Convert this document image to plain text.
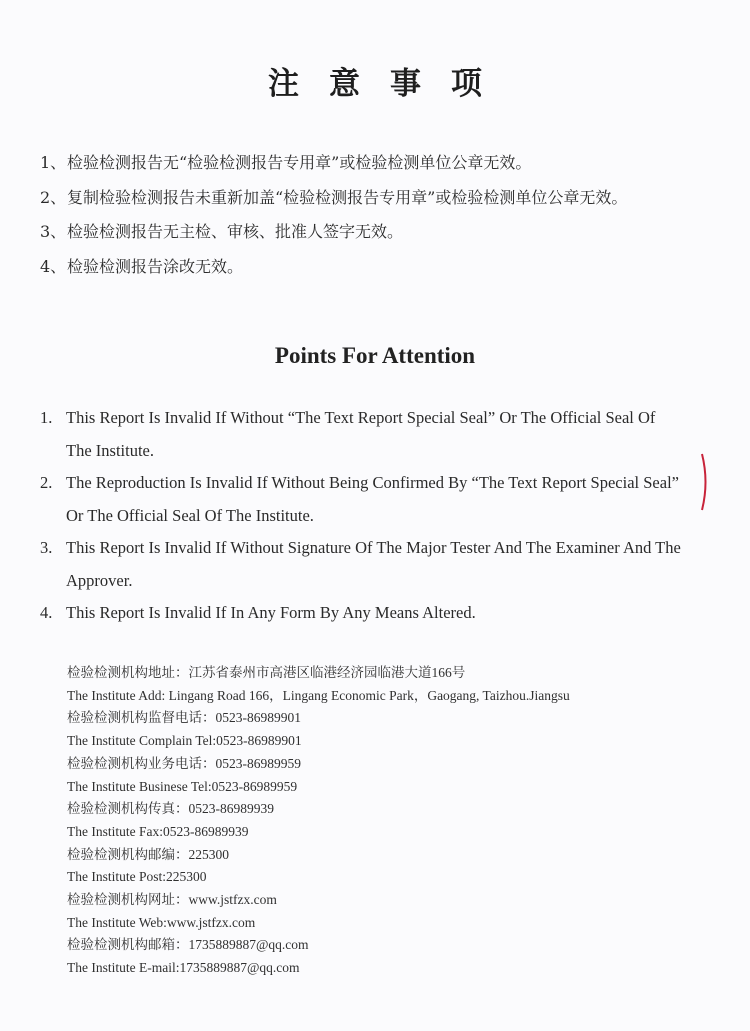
注意事项
1、 检验检测报告无“检验检测报告专用章”或检验检测单位公章无效。
2、 复制检验检测报告未重新加盖“检验检测报告专用章”或检验检测单位公章无效。
3、 检验检测报告无主检、审核、批准人签字无效。
4、 检验检测报告涂改无效。
Points For Attention
1. This Report Is Invalid If Without “The Text Report Special Seal” Or The Official Seal Of The Institute.
2. The Reproduction Is Invalid If Without Being Confirmed By “The Text Report Special Seal” Or The Official Seal Of The Institute.
3. This Report Is Invalid If Without Signature Of The Major Tester And The Examiner And The Approver.
4. This Report Is Invalid If In Any Form By Any Means Altered.
检验检测机构地址：江苏省泰州市高港区临港经济园临港大道166号
The Institute Add: Lingang Road 166，Lingang Economic Park，Gaogang, Taizhou.Jiangsu
检验检测机构监督电话：0523-86989901
The Institute Complain Tel:0523-86989901
检验检测机构业务电话：0523-86989959
The Institute Businese Tel:0523-86989959
检验检测机构传真：0523-86989939
The Institute Fax:0523-86989939
检验检测机构邮编：225300
The Institute Post:225300
检验检测机构网址：www.jstfzx.com
The Institute Web:www.jstfzx.com
检验检测机构邮箱：1735889887@qq.com
The Institute E-mail:1735889887@qq.com
